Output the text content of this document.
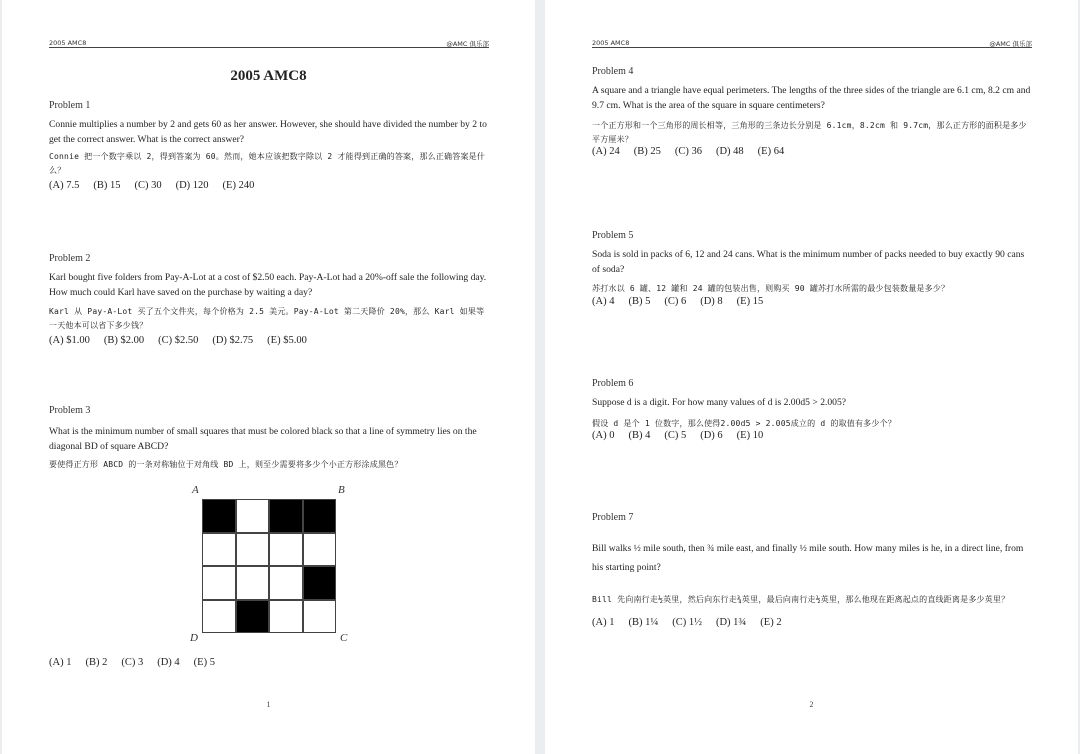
2005 AMC8	@AMC 俱乐部
2005 AMC8

Problem 1

Connie multiplies a number by 2 and gets 60 as her answer. However, she should have divided the number by 2 to get the correct answer. What is the correct answer?

Connie 把一个数字乘以 2，得到答案为 60。然而，她本应该把数字除以 2 才能得到正确的答案，那么正确答案是什么？

(A) 7.5 (B) 15 (C) 30 (D) 120 (E) 240

Problem 2

Karl bought five folders from Pay-A-Lot at a cost of $2.50 each. Pay-A-Lot had a 20%-off sale the following day. How much could Karl have saved on the purchase by waiting a day?

Karl 从 Pay-A-Lot 买了五个文件夹，每个价格为 2.5 美元。Pay-A-Lot 第二天降价 20%，那么 Karl 如果等一天他本可以省下多少钱？

(A) $1.00 (B) $2.00 (C) $2.50 (D) $2.75 (E) $5.00

Problem 3

What is the minimum number of small squares that must be colored black so that a line of symmetry lies on the diagonal BD of square ABCD?

要使得正方形 ABCD 的一条对称轴位于对角线 BD 上，则至少需要将多少个小正方形涂成黑色？

A	B
D	C

(A) 1 (B) 2 (C) 3 (D) 4 (E) 5

1
2005 AMC8	@AMC 俱乐部

Problem 4

A square and a triangle have equal perimeters. The lengths of the three sides of the triangle are 6.1 cm, 8.2 cm and 9.7 cm. What is the area of the square in square centimeters?

一个正方形和一个三角形的周长相等，三角形的三条边长分别是 6.1cm，8.2cm 和 9.7cm，那么正方形的面积是多少平方厘米？

(A) 24 (B) 25 (C) 36 (D) 48 (E) 64

Problem 5

Soda is sold in packs of 6, 12 and 24 cans. What is the minimum number of packs needed to buy exactly 90 cans of soda?

苏打水以 6 罐、12 罐和 24 罐的包装出售，则购买 90 罐苏打水所需的最少包装数量是多少？

(A) 4 (B) 5 (C) 6 (D) 8 (E) 15

Problem 6

Suppose d is a digit. For how many values of d is 2.00d5 > 2.005?

假设 d 是个 1 位数字，那么使得2.00d5 > 2.005成立的 d 的取值有多少个？

(A) 0 (B) 4 (C) 5 (D) 6 (E) 10

Problem 7

Bill walks ½ mile south, then ¾ mile east, and finally ½ mile south. How many miles is he, in a direct line, from his starting point?

Bill 先向南行走½英里，然后向东行走¾英里，最后向南行走½英里，那么他现在距离起点的直线距离是多少英里？

(A) 1 (B) 1¼ (C) 1½ (D) 1¾ (E) 2

2
